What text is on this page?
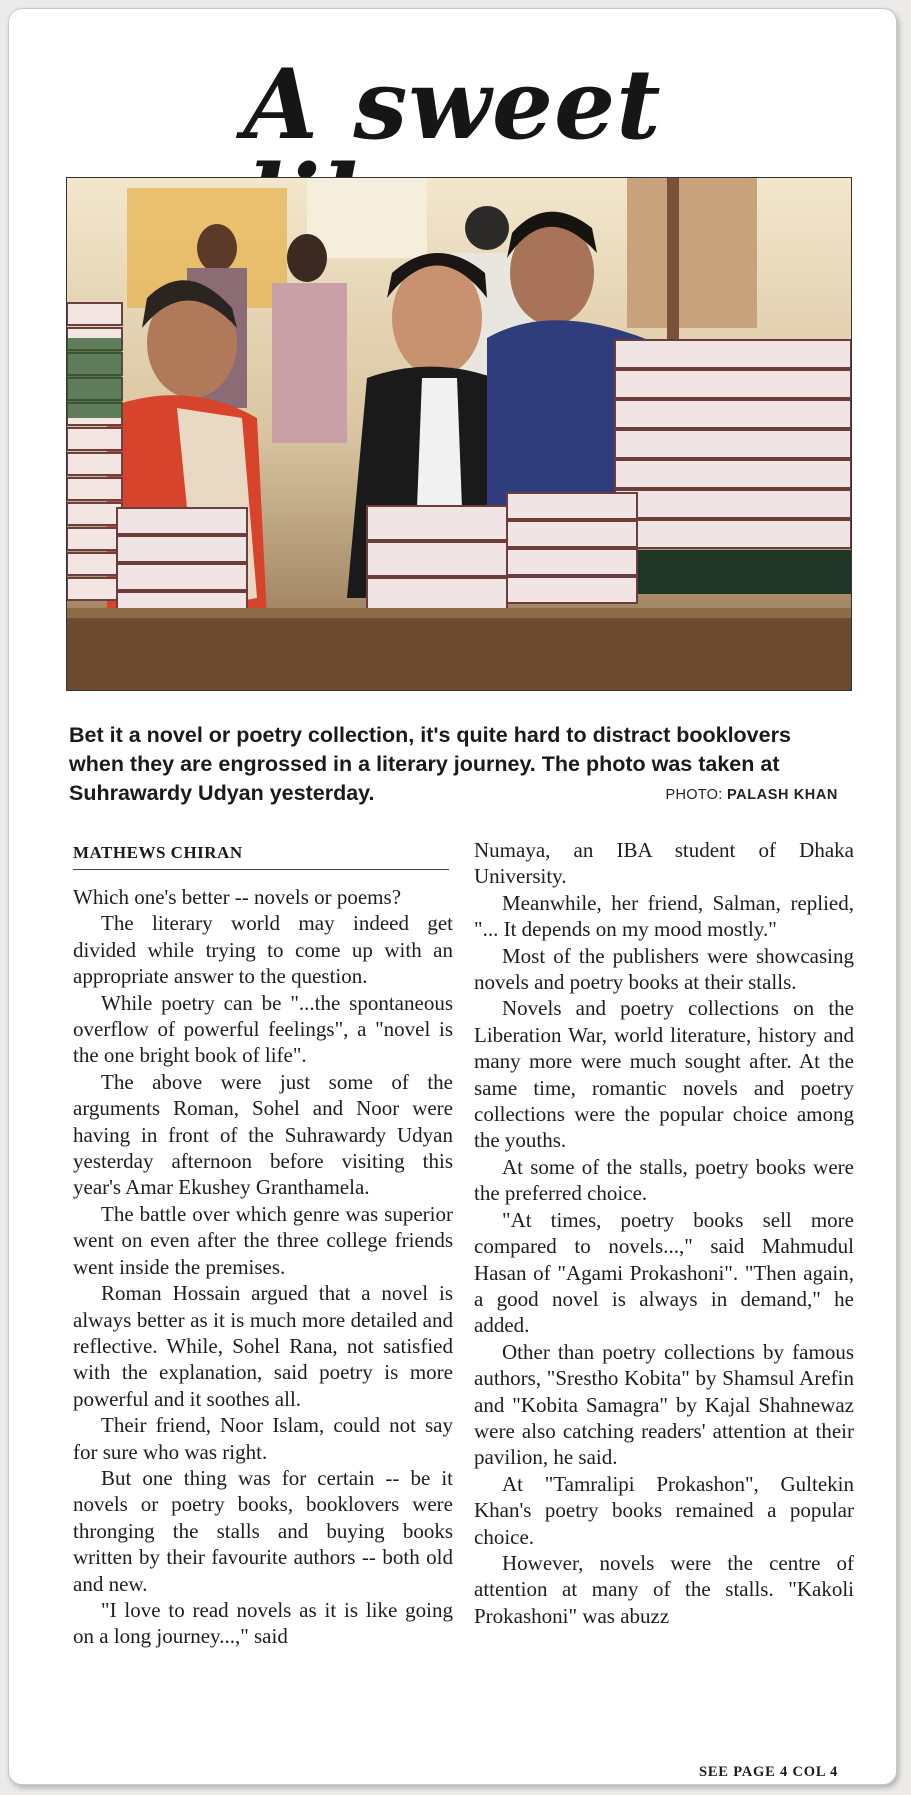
A sweet

Bet it a novel or poetry collection, it's quite hard to distract booklovers when they are engrossed in a literary journey. The photo was taken at Suhrawardy Udyan yesterday.	PHOTO: PALASH KHAN
MATHEWS CHIRAN

Which one's better -- novels or poems?

The literary world may indeed get divided while trying to come up with an appropriate answer to the question.

While poetry can be "...the spontaneous overflow of powerful feelings", a "novel is the one bright book of life".

The above were just some of the arguments Roman, Sohel and Noor were having in front of the Suhrawardy Udyan yesterday afternoon before visiting this year's Amar Ekushey Granthamela.

The battle over which genre was superior went on even after the three college friends went inside the premises.

Roman Hossain argued that a novel is always better as it is much more detailed and reflective. While, Sohel Rana, not satisfied with the explanation, said poetry is more powerful and it soothes all.

Their friend, Noor Islam, could not say for sure who was right.

But one thing was for certain -- be it novels or poetry books, booklovers were thronging the stalls and buying books written by their favourite authors -- both old and new.

"I love to read novels as it is like going on a long journey...," said

Numaya, an IBA student of Dhaka University.

Meanwhile, her friend, Salman, replied, "... It depends on my mood mostly."

Most of the publishers were showcasing novels and poetry books at their stalls.

Novels and poetry collections on the Liberation War, world literature, history and many more were much sought after. At the same time, romantic novels and poetry collections were the popular choice among the youths.

At some of the stalls, poetry books were the preferred choice.

"At times, poetry books sell more compared to novels...," said Mahmudul Hasan of "Agami Prokashoni". "Then again, a good novel is always in demand," he added.

Other than poetry collections by famous authors, "Srestho Kobita" by Shamsul Arefin and "Kobita Samagra" by Kajal Shahnewaz were also catching readers' attention at their pavilion, he said.

At "Tamralipi Prokashon", Gultekin Khan's poetry books remained a popular choice.

However, novels were the centre of attention at many of the stalls. "Kakoli Prokashoni" was abuzz

SEE PAGE 4 COL 4
